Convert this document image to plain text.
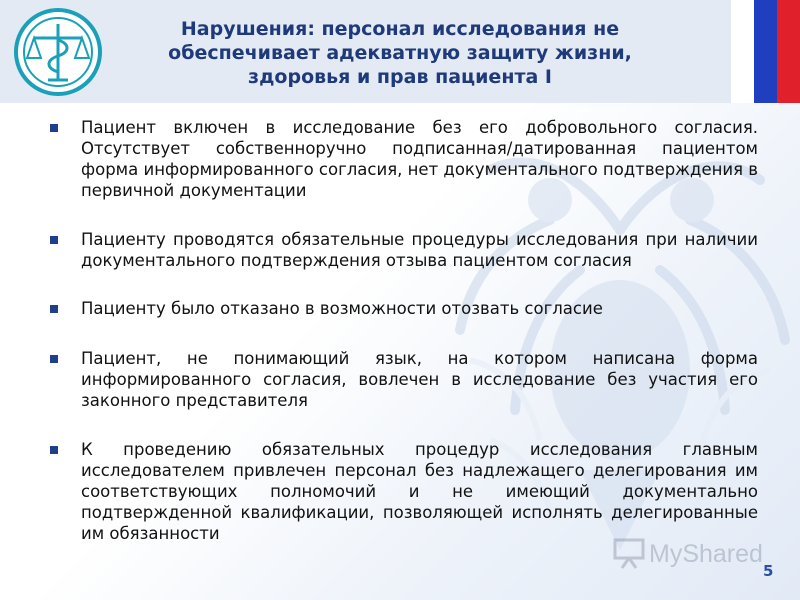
Нарушения: персонал исследования не
обеспечивает адекватную защиту жизни,
здоровья и прав пациента I
Пациент включен в исследование без его добровольного согласия. Отсутствует собственноручно подписанная/датированная пациентом форма информированного согласия, нет документального подтверждения в первичной документации
Пациенту проводятся обязательные процедуры исследования при наличии документального подтверждения отзыва пациентом согласия
Пациенту было отказано в возможности отозвать согласие
Пациент, не понимающий язык, на котором написана форма информированного согласия, вовлечен в исследование без участия его законного представителя
К проведению обязательных процедур исследования главным исследователем привлечен персонал без надлежащего делегирования им соответствующих полномочий и не имеющий документально подтвержденной квалификации, позволяющей исполнять делегированные им обязанности
MyShared
5
